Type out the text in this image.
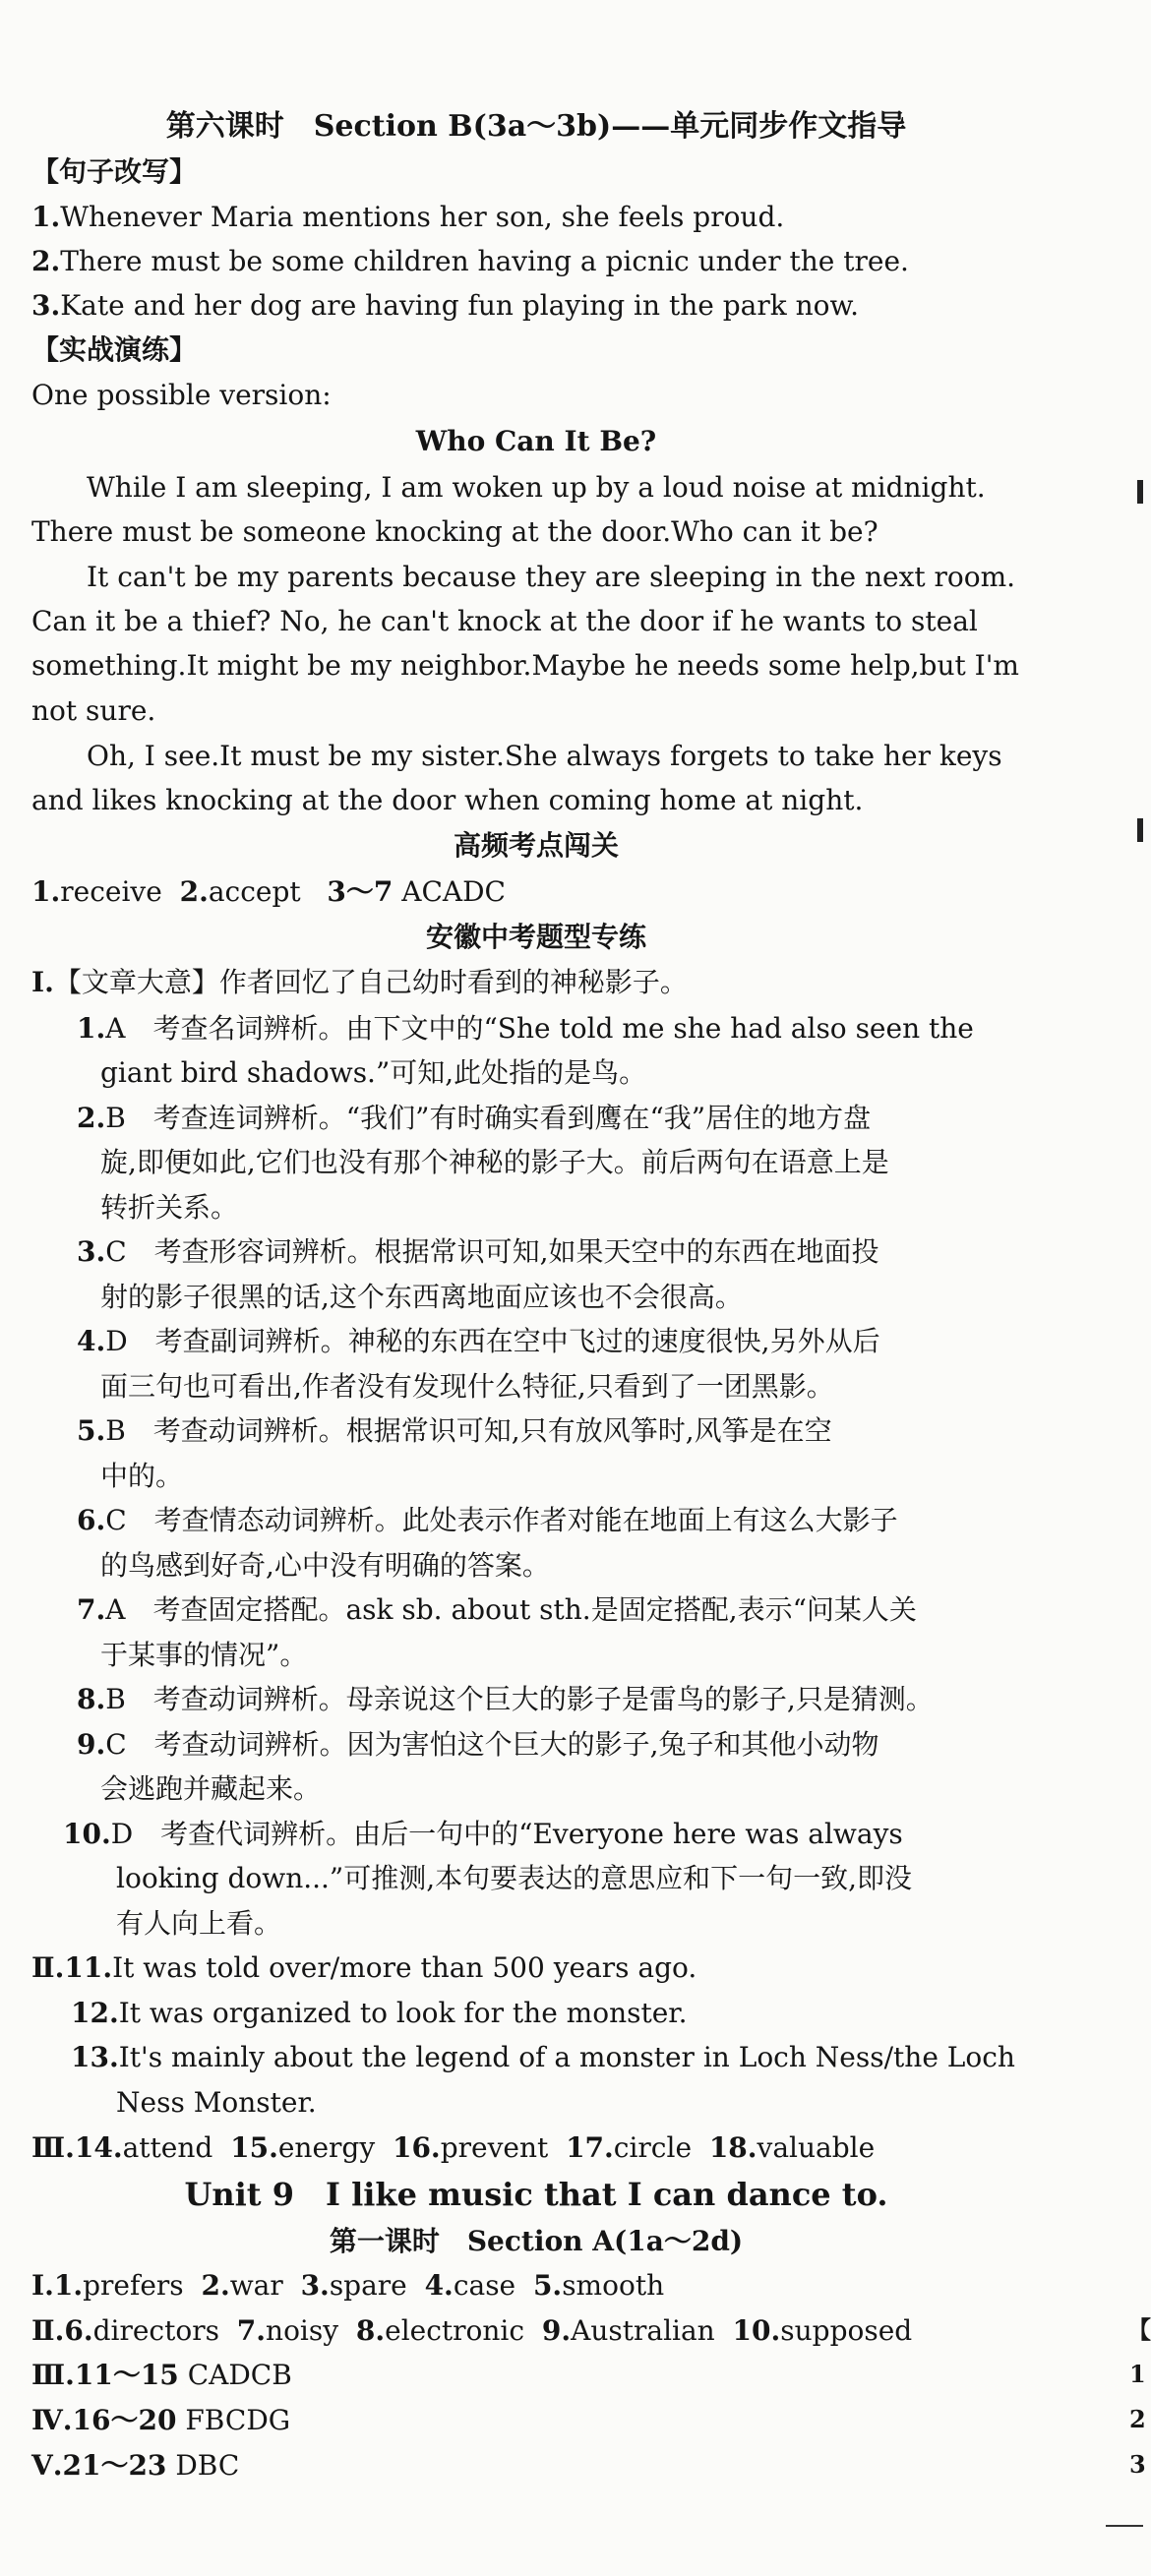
第六课时　Section B(3a～3b)——单元同步作文指导
【句子改写】
1.Whenever Maria mentions her son, she feels proud.
2.There must be some children having a picnic under the tree.
3.Kate and her dog are having fun playing in the park now.
【实战演练】
One possible version:
Who Can It Be?
　　While I am sleeping, I am woken up by a loud noise at midnight.
There must be someone knocking at the door.Who can it be?
　　It can't be my parents because they are sleeping in the next room.
Can it be a thief? No, he can't knock at the door if he wants to steal
something.It might be my neighbor.Maybe he needs some help,but I'm
not sure.
　　Oh, I see.It must be my sister.She always forgets to take her keys
and likes knocking at the door when coming home at night.
高频考点闯关
1.receive 2.accept 3～7 ACADC
安徽中考题型专练
Ⅰ.【文章大意】作者回忆了自己幼时看到的神秘影子。
1.A　考查名词辨析。由下文中的“She told me she had also seen the
giant bird shadows.”可知,此处指的是鸟。
2.B　考查连词辨析。“我们”有时确实看到鹰在“我”居住的地方盘
旋,即便如此,它们也没有那个神秘的影子大。前后两句在语意上是
转折关系。
3.C　考查形容词辨析。根据常识可知,如果天空中的东西在地面投
射的影子很黑的话,这个东西离地面应该也不会很高。
4.D　考查副词辨析。神秘的东西在空中飞过的速度很快,另外从后
面三句也可看出,作者没有发现什么特征,只看到了一团黑影。
5.B　考查动词辨析。根据常识可知,只有放风筝时,风筝是在空
中的。
6.C　考查情态动词辨析。此处表示作者对能在地面上有这么大影子
的鸟感到好奇,心中没有明确的答案。
7.A　考查固定搭配。ask sb. about sth.是固定搭配,表示“问某人关
于某事的情况”。
8.B　考查动词辨析。母亲说这个巨大的影子是雷鸟的影子,只是猜测。
9.C　考查动词辨析。因为害怕这个巨大的影子,兔子和其他小动物
会逃跑并藏起来。
10.D　考查代词辨析。由后一句中的“Everyone here was always
looking down...”可推测,本句要表达的意思应和下一句一致,即没
有人向上看。
Ⅱ.11.It was told over/more than 500 years ago.
12.It was organized to look for the monster.
13.It's mainly about the legend of a monster in Loch Ness/the Loch
Ness Monster.
Ⅲ.14.attend 15.energy 16.prevent 17.circle 18.valuable
Unit 9　I like music that I can dance to.
第一课时　Section A(1a～2d)
Ⅰ.1.prefers 2.war 3.spare 4.case 5.smooth
Ⅱ.6.directors 7.noisy 8.electronic 9.Australian 10.supposed
Ⅲ.11～15 CADCB
Ⅳ.16～20 FBCDG
Ⅴ.21～23 DBC
【
1
2
3
